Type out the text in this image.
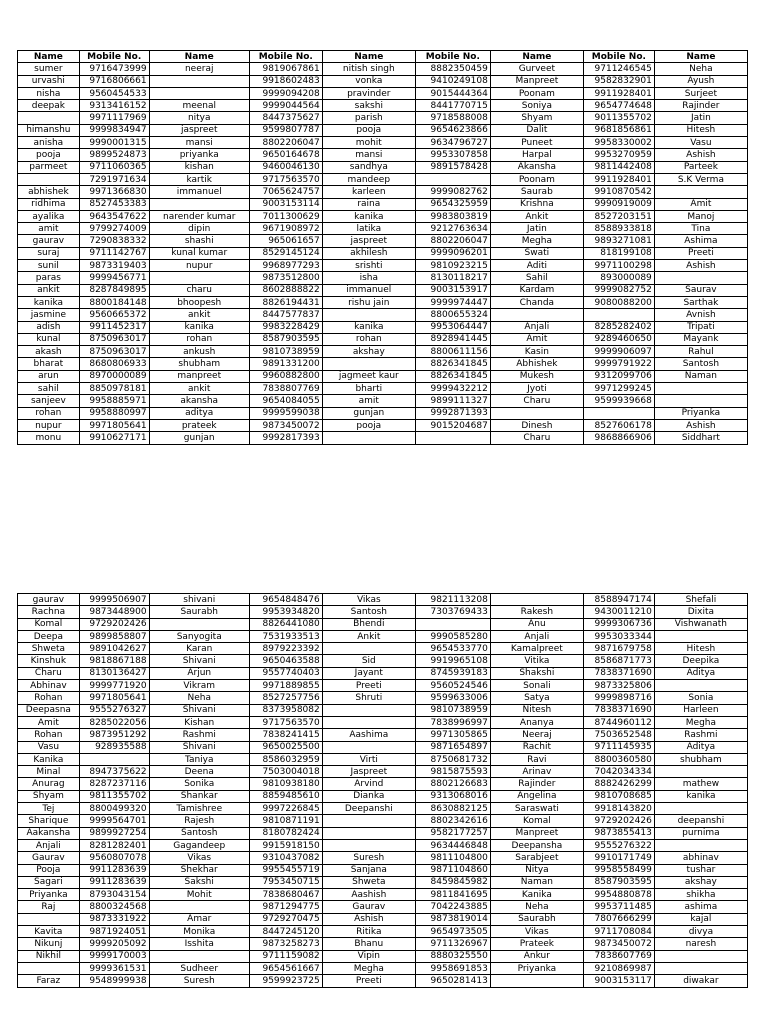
Name	Mobile No.	Name	Mobile No.	Name	Mobile No.	Name	Mobile No.	Name
sumer	9716473999	neeraj	9819067861	nitish singh	8882350459	Gurveet	9711246545	Neha
urvashi	9716806661		9918602483	vonka	9410249108	Manpreet	9582832901	Ayush
nisha	9560454533		9999094208	pravinder	9015444364	Poonam	9911928401	Surjeet
deepak	9313416152	meenal	9999044564	sakshi	8441770715	Soniya	9654774648	Rajinder
	9971117969	nitya	8447375627	parish	9718588008	Shyam	9011355702	Jatin
himanshu	9999834947	jaspreet	9599807787	pooja	9654623866	Dalit	9681856861	Hitesh
anisha	9990001315	mansi	8802206047	mohit	9634796727	Puneet	9958330002	Vasu
pooja	9899524873	priyanka	9650164678	mansi	9953307858	Harpal	9953270959	Ashish
parmeet	9711060365	kishan	9460046130	sandhya	9891578428	Akansha	9811442408	Parteek
	7291971634	kartik	9717563570	mandeep		Poonam	9911928401	S.K Verma
abhishek	9971366830	immanuel	7065624757	karleen	9999082762	Saurab	9910870542	
ridhima	8527453383		9003153114	raina	9654325959	Krishna	9990919009	Amit
ayalika	9643547622	narender kumar	7011300629	kanika	9983803819	Ankit	8527203151	Manoj
amit	9799274009	dipin	9671908972	latika	9212763634	Jatin	8588933818	Tina
gaurav	7290838332	shashi	965061657	jaspreet	8802206047	Megha	9893271081	Ashima
suraj	9711142767	kunal kumar	8529145124	akhilesh	9999096201	Swati	818199108	Preeti
sunil	9873319403	nupur	9968977293	srishti	9810923215	Aditi	9971100298	Ashish
paras	9999456771		9873512800	isha	8130118217	Sahil	893000089	
ankit	8287849895	charu	8602888822	immanuel	9003153917	Kardam	9999082752	Saurav
kanika	8800184148	bhoopesh	8826194431	rishu jain	9999974447	Chanda	9080088200	Sarthak
jasmine	9560665372	ankit	8447577837		8800655324			Avnish
adish	9911452317	kanika	9983228429	kanika	9953064447	Anjali	8285282402	Tripati
kunal	8750963017	rohan	8587903595	rohan	8928941445	Amit	9289460650	Mayank
akash	8750963017	ankush	9810738959	akshay	8800611156	Kasin	9999906097	Rahul
bharat	8680806933	shubham	9891331200		8826341845	Abhishek	9999791922	Santosh
arun	8970000089	manpreet	9960882800	jagmeet kaur	8826341845	Mukesh	9312099706	Naman
sahil	8850978181	ankit	7838807769	bharti	9999432212	Jyoti	9971299245	
sanjeev	9958885971	akansha	9654084055	amit	9899111327	Charu	9599939668	
rohan	9958880997	aditya	9999599038	gunjan	9992871393			Priyanka
nupur	9971805641	prateek	9873450072	pooja	9015204687	Dinesh	8527606178	Ashish
monu	9910627171	gunjan	9992817393			Charu	9868866906	Siddhart
gaurav	9999506907	shivani	9654848476	Vikas	9821113208		8588947174	Shefali
Rachna	9873448900	Saurabh	9953934820	Santosh	7303769433	Rakesh	9430011210	Dixita
Komal	9729202426		8826441080	Bhendi		Anu	9999306736	Vishwanath
Deepa	9899858807	Sanyogita	7531933513	Ankit	9990585280	Anjali	9953033344	
Shweta	9891042627	Karan	8979223392		9654533770	Kamalpreet	9871679758	Hitesh
Kinshuk	9818867188	Shivani	9650463588	Sid	9919965108	Vitika	8586871773	Deepika
Charu	8130136427	Arjun	9557740403	Jayant	8745939183	Shakshi	7838371690	Aditya
Abhinav	9999771920	Vikram	9971889855	Preeti	9560524546	Sonali	9873325806	
Rohan	9971805641	Neha	8527257756	Shruti	9599633006	Satya	9999898716	Sonia
Deepasna	9555276327	Shivani	8373958082		9810738959	Nitesh	7838371690	Harleen
Amit	8285022056	Kishan	9717563570		7838996997	Ananya	8744960112	Megha
Rohan	9873951292	Rashmi	7838241415	Aashima	9971305865	Neeraj	7503652548	Rashmi
Vasu	928935588	Shivani	9650025500		9871654897	Rachit	9711145935	Aditya
Kanika		Taniya	8586032959	Virti	8750681732	Ravi	8800360580	shubham
Minal	8947375622	Deena	7503004018	Jaspreet	9815875593	Arinav	7042034334	
Anurag	8287237116	Sonika	9810938180	Arvind	8802126683	Rajinder	8882426299	mathew
Shyam	9811355702	Shankar	8859485610	Dianka	9313068016	Angelina	9810708685	kanika
Tej	8800499320	Tamishree	9997226845	Deepanshi	8630882125	Saraswati	9918143820	
Sharique	9999564701	Rajesh	9810871191		8802342616	Komal	9729202426	deepanshi
Aakansha	9899927254	Santosh	8180782424		9582177257	Manpreet	9873855413	purnima
Anjali	8281282401	Gagandeep	9915918150		9634446848	Deepansha	9555276322	
Gaurav	9560807078	Vikas	9310437082	Suresh	9811104800	Sarabjeet	9910171749	abhinav
Pooja	9911283639	Shekhar	9955455719	Sanjana	9871104860	Nitya	9958558499	tushar
Sagari	9911283639	Sakshi	7953450715	Shweta	8459845982	Naman	8587903595	akshay
Priyanka	8793043154	Mohit	7838680467	Aashish	9811841695	Kanika	9954880878	shikha
Raj	8800324568		9871294775	Gaurav	7042243885	Neha	9953711485	ashima
	9873331922	Amar	9729270475	Ashish	9873819014	Saurabh	7807666299	kajal
Kavita	9871924051	Monika	8447245120	Ritika	9654973505	Vikas	9711708084	divya
Nikunj	9999205092	Isshita	9873258273	Bhanu	9711326967	Prateek	9873450072	naresh
Nikhil	9999170003		9711159082	Vipin	8880325550	Ankur	7838607769	
	9999361531	Sudheer	9654561667	Megha	9958691853	Priyanka	9210869987	
Faraz	9548999938	Suresh	9599923725	Preeti	9650281413		9003153117	diwakar
